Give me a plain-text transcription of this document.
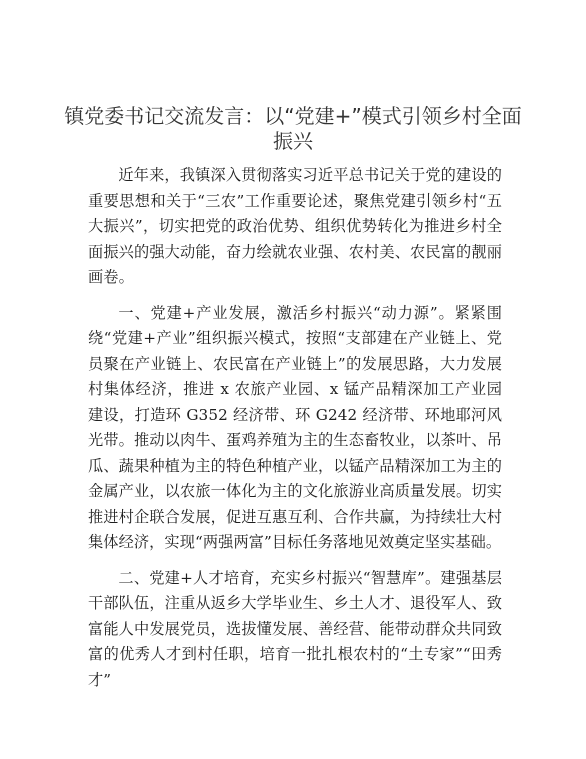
镇党委书记交流发言：以“党建+”模式引领乡村全面振兴

近年来，我镇深入贯彻落实习近平总书记关于党的建设的重要思想和关于“三农”工作重要论述，聚焦党建引领乡村“五大振兴”，切实把党的政治优势、组织优势转化为推进乡村全面振兴的强大动能，奋力绘就农业强、农村美、农民富的靓丽画卷。

一、党建+产业发展，激活乡村振兴“动力源”。紧紧围绕“党建+产业”组织振兴模式，按照“支部建在产业链上、党员聚在产业链上、农民富在产业链上”的发展思路，大力发展村集体经济，推进 x 农旅产业园、x 锰产品精深加工产业园建设，打造环 G352 经济带、环 G242 经济带、环地耶河风光带。推动以肉牛、蛋鸡养殖为主的生态畜牧业，以茶叶、吊瓜、蔬果种植为主的特色种植产业，以锰产品精深加工为主的金属产业，以农旅一体化为主的文化旅游业高质量发展。切实推进村企联合发展，促进互惠互利、合作共赢，为持续壮大村集体经济，实现“两强两富”目标任务落地见效奠定坚实基础。

二、党建+人才培育，充实乡村振兴“智慧库”。建强基层干部队伍，注重从返乡大学毕业生、乡土人才、退役军人、致富能人中发展党员，选拔懂发展、善经营、能带动群众共同致富的优秀人才到村任职，培育一批扎根农村的“土专家”“田秀才”
